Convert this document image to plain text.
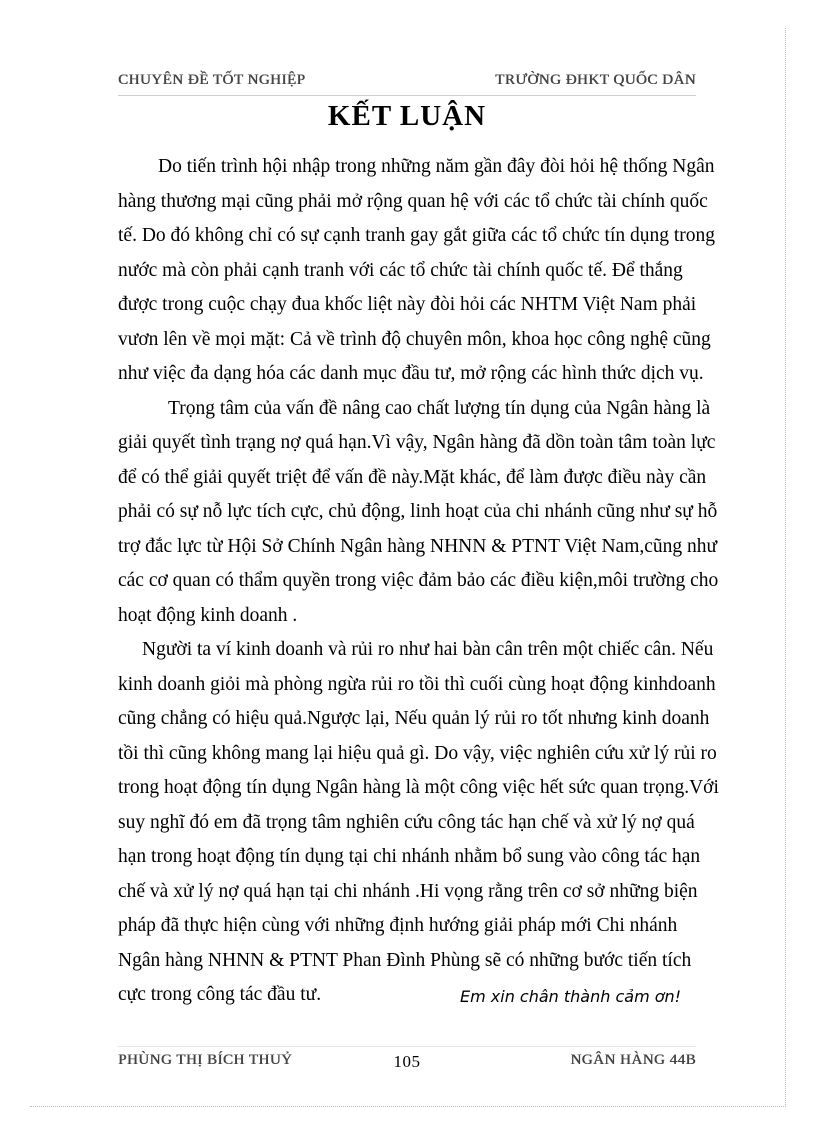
CHUYÊN ĐỀ TỐT NGHIỆP	TRƯỜNG ĐHKT QUỐC DÂN
KẾT LUẬN
Do tiến trình hội nhập trong những năm gần đây đòi hỏi hệ thống Ngân
hàng thương mại cũng phải mở rộng quan hệ với các tổ chức tài chính quốc
tế. Do đó không chỉ có sự cạnh tranh gay gắt giữa các tổ chức tín dụng trong
nước mà còn phải cạnh tranh với các tổ chức tài chính quốc tế. Để thắng
được trong cuộc chạy đua khốc liệt này đòi hỏi các NHTM Việt Nam phải
vươn lên về mọi mặt: Cả về trình độ chuyên môn, khoa học công nghệ cũng
như việc đa dạng hóa các danh mục đầu tư, mở rộng các hình thức dịch vụ.
Trọng tâm của vấn đề nâng cao chất lượng tín dụng của Ngân hàng là
giải quyết tình trạng nợ quá hạn.Vì vậy, Ngân hàng đã dồn toàn tâm toàn lực
để có thể giải quyết triệt để vấn đề này.Mặt khác, để làm được điều này cần
phải có sự nỗ lực tích cực, chủ động, linh hoạt của chi nhánh cũng như sự hỗ
trợ đắc lực từ Hội Sở Chính Ngân hàng NHNN & PTNT Việt Nam,cũng như
các cơ quan có thẩm quyền trong việc đảm bảo các điều kiện,môi trường cho
hoạt động kinh doanh .
Người ta ví kinh doanh và rủi ro như hai bàn cân trên một chiếc cân. Nếu
kinh doanh giỏi mà phòng ngừa rủi ro tồi thì cuối cùng hoạt động kinhdoanh
cũng chẳng có hiệu quả.Ngược lại, Nếu quản lý rủi ro tốt nhưng kinh doanh
tồi thì cũng không mang lại hiệu quả gì. Do vậy, việc nghiên cứu xử lý rủi ro
trong hoạt động tín dụng Ngân hàng là một công việc hết sức quan trọng.Với
suy nghĩ đó em đã trọng tâm nghiên cứu công tác hạn chế và xử lý nợ quá
hạn trong hoạt động tín dụng tại chi nhánh nhằm bổ sung vào công tác hạn
chế và xử lý nợ quá hạn tại chi nhánh .Hi vọng rằng trên cơ sở những biện
pháp đã thực hiện cùng với những định hướng giải pháp mới Chi nhánh
Ngân hàng NHNN & PTNT Phan Đình Phùng sẽ có những bước tiến tích
cực trong công tác đầu tư.	Em xin chân thành cảm ơn!
PHÙNG THỊ BÍCH THUỶ	105	NGÂN HÀNG 44B
